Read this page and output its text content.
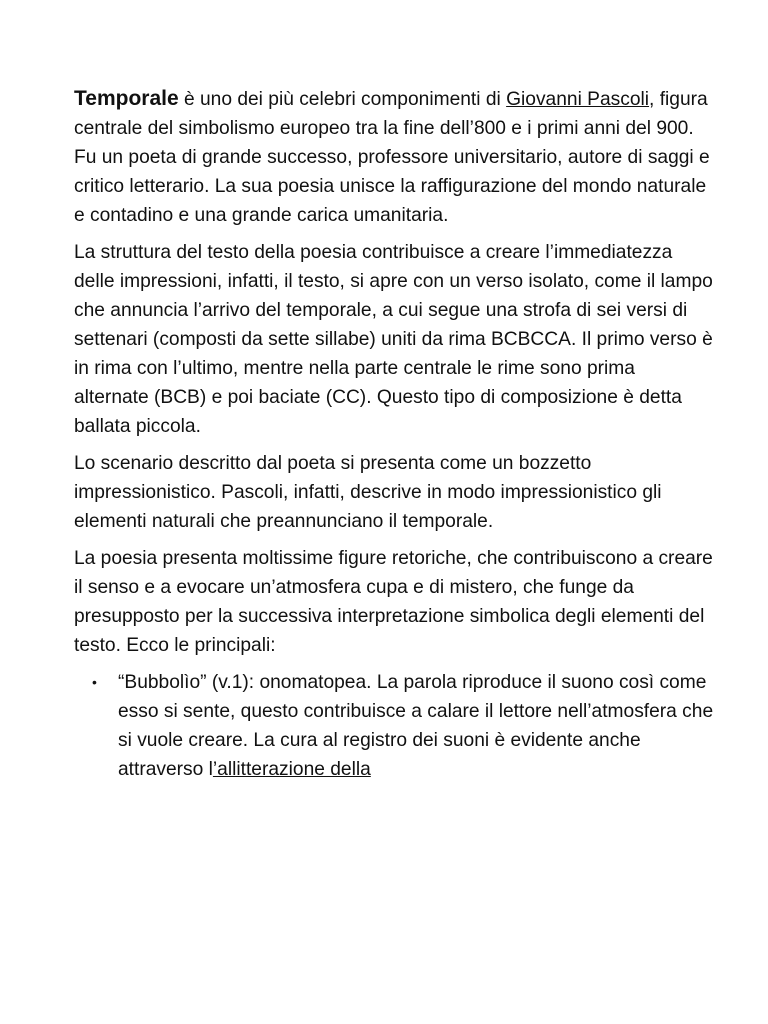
Temporale è uno dei più celebri componimenti di Giovanni Pascoli, figura centrale del simbolismo europeo tra la fine dell’800 e i primi anni del 900. Fu un poeta di grande successo, professore universitario, autore di saggi e critico letterario. La sua poesia unisce la raffigurazione del mondo naturale e contadino e una grande carica umanitaria.

La struttura del testo della poesia contribuisce a creare l’immediatezza delle impressioni, infatti, il testo, si apre con un verso isolato, come il lampo che annuncia l’arrivo del temporale, a cui segue una strofa di sei versi di settenari (composti da sette sillabe) uniti da rima BCBCCA. Il primo verso è in rima con l’ultimo, mentre nella parte centrale le rime sono prima alternate (BCB) e poi baciate (CC). Questo tipo di composizione è detta ballata piccola.

Lo scenario descritto dal poeta si presenta come un bozzetto impressionistico. Pascoli, infatti, descrive in modo impressionistico gli elementi naturali che preannunciano il temporale.

La poesia presenta moltissime figure retoriche, che contribuiscono a creare il senso e a evocare un’atmosfera cupa e di mistero, che funge da presupposto per la successiva interpretazione simbolica degli elementi del testo. Ecco le principali:

• “Bubbolìo” (v.1): onomatopea. La parola riproduce il suono così come esso si sente, questo contribuisce a calare il lettore nell’atmosfera che si vuole creare. La cura al registro dei suoni è evidente anche attraverso l’allitterazione della
